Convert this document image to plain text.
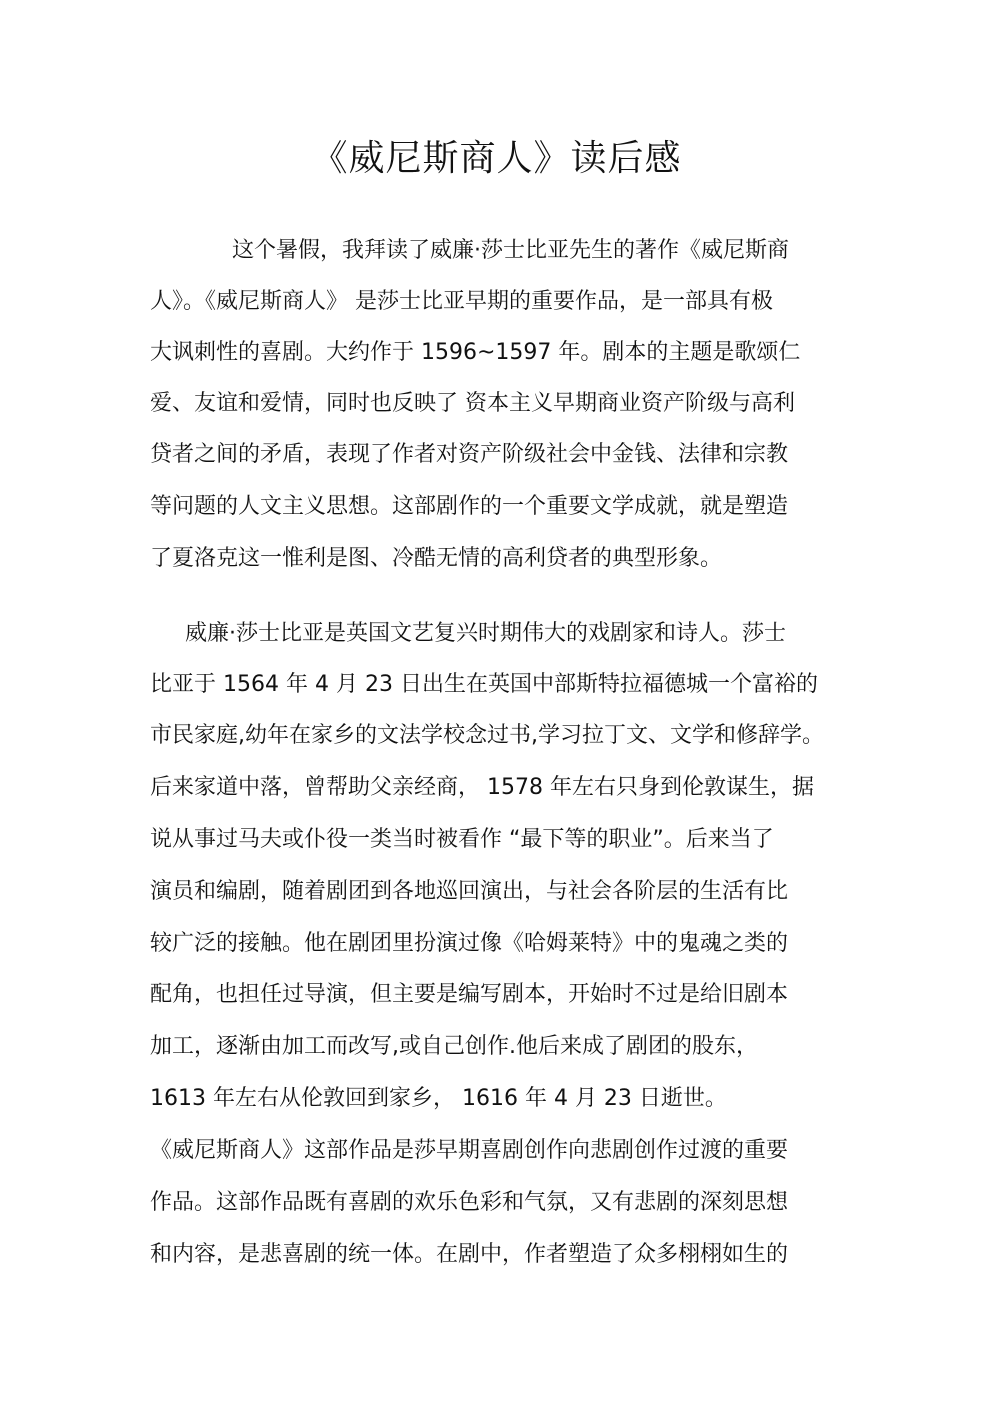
《威尼斯商人》读后感

这个暑假，我拜读了威廉·莎士比亚先生的著作《威尼斯商

人》。《威尼斯商人》 是莎士比亚早期的重要作品，是一部具有极

大讽刺性的喜剧。大约作于 1596~1597 年。剧本的主题是歌颂仁

爱、友谊和爱情，同时也反映了 资本主义早期商业资产阶级与高利

贷者之间的矛盾，表现了作者对资产阶级社会中金钱、法律和宗教

等问题的人文主义思想。这部剧作的一个重要文学成就，就是塑造

了夏洛克这一惟利是图、冷酷无情的高利贷者的典型形象。

威廉·莎士比亚是英国文艺复兴时期伟大的戏剧家和诗人。莎士

比亚于 1564 年 4 月 23 日出生在英国中部斯特拉福德城一个富裕的

市民家庭,幼年在家乡的文法学校念过书,学习拉丁文、文学和修辞学。

后来家道中落，曾帮助父亲经商， 1578 年左右只身到伦敦谋生，据

说从事过马夫或仆役一类当时被看作 “最下等的职业”。后来当了

演员和编剧，随着剧团到各地巡回演出，与社会各阶层的生活有比

较广泛的接触。他在剧团里扮演过像《哈姆莱特》中的鬼魂之类的

配角，也担任过导演，但主要是编写剧本，开始时不过是给旧剧本

加工，逐渐由加工而改写,或自己创作.他后来成了剧团的股东，

1613 年左右从伦敦回到家乡， 1616 年 4 月 23 日逝世。

《威尼斯商人》这部作品是莎早期喜剧创作向悲剧创作过渡的重要

作品。这部作品既有喜剧的欢乐色彩和气氛，又有悲剧的深刻思想

和内容，是悲喜剧的统一体。在剧中，作者塑造了众多栩栩如生的
